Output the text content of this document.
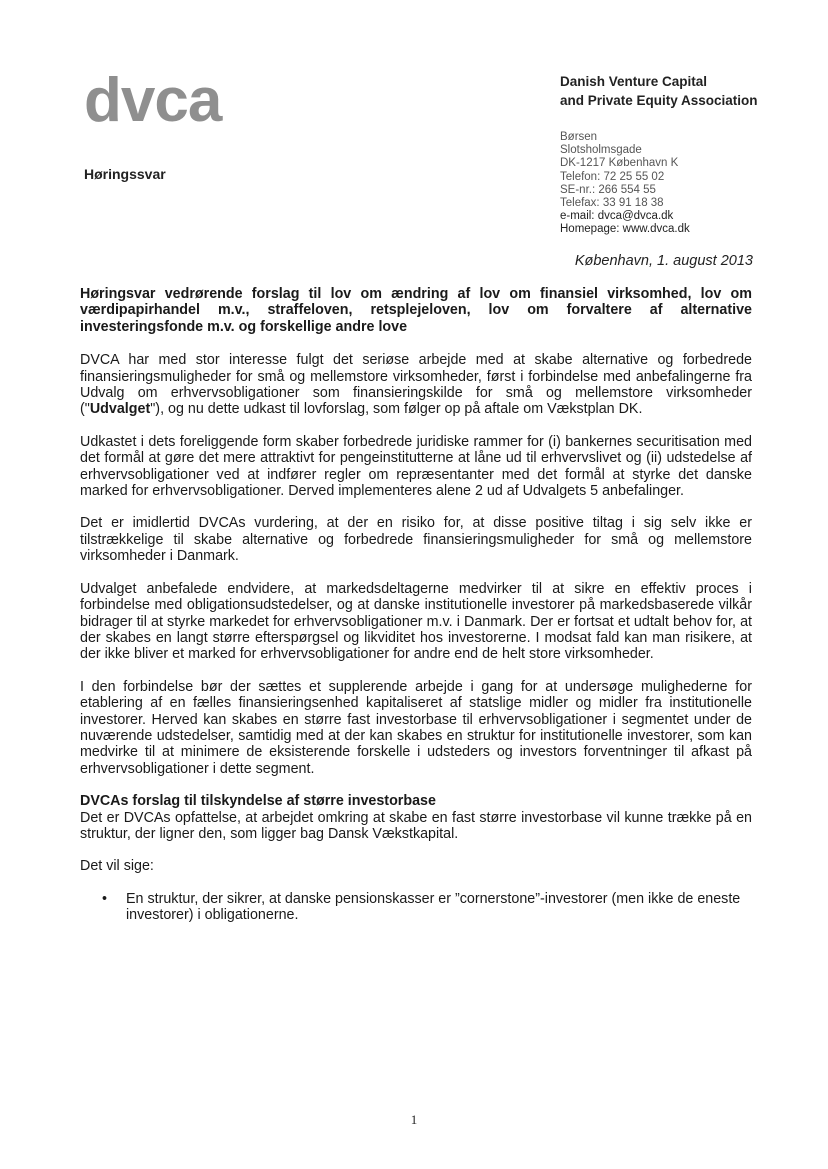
dvca	Danish Venture Capital
and Private Equity Association
Børsen
Slotsholmsgade
DK-1217 København K
Telefon: 72 25 55 02
SE-nr.: 266 554 55
Telefax: 33 91 18 38
e-mail: dvca@dvca.dk
Homepage: www.dvca.dk
Høringssvar
København, 1. august 2013

Høringsvar vedrørende forslag til lov om ændring af lov om finansiel virksomhed, lov om værdipapirhandel m.v., straffeloven, retsplejeloven, lov om forvaltere af alternative investeringsfonde m.v. og forskellige andre love

DVCA har med stor interesse fulgt det seriøse arbejde med at skabe alternative og forbedrede finansieringsmuligheder for små og mellemstore virksomheder, først i forbindelse med anbefalingerne fra Udvalg om erhvervsobligationer som finansieringskilde for små og mellemstore virksomheder ("Udvalget"), og nu dette udkast til lovforslag, som følger op på aftale om Vækstplan DK.

Udkastet i dets foreliggende form skaber forbedrede juridiske rammer for (i) bankernes securitisation med det formål at gøre det mere attraktivt for pengeinstitutterne at låne ud til erhvervslivet og (ii) udstedelse af erhvervsobligationer ved at indfører regler om repræsentanter med det formål at styrke det danske marked for erhvervsobligationer. Derved implementeres alene 2 ud af Udvalgets 5 anbefalinger.

Det er imidlertid DVCAs vurdering, at der en risiko for, at disse positive tiltag i sig selv ikke er tilstrækkelige til skabe alternative og forbedrede finansieringsmuligheder for små og mellemstore virksomheder i Danmark.

Udvalget anbefalede endvidere, at markedsdeltagerne medvirker til at sikre en effektiv proces i forbindelse med obligationsudstedelser, og at danske institutionelle investorer på markedsbaserede vilkår bidrager til at styrke markedet for erhvervsobligationer m.v. i Danmark. Der er fortsat et udtalt behov for, at der skabes en langt større efterspørgsel og likviditet hos investorerne. I modsat fald kan man risikere, at der ikke bliver et marked for erhvervsobligationer for andre end de helt store virksomheder.

I den forbindelse bør der sættes et supplerende arbejde i gang for at undersøge mulighederne for etablering af en fælles finansieringsenhed kapitaliseret af statslige midler og midler fra institutionelle investorer. Herved kan skabes en større fast investorbase til erhvervsobligationer i segmentet under de nuværende udstedelser, samtidig med at der kan skabes en struktur for institutionelle investorer, som kan medvirke til at minimere de eksisterende forskelle i udsteders og investors forventninger til afkast på erhvervsobligationer i dette segment.

DVCAs forslag til tilskyndelse af større investorbase

Det er DVCAs opfattelse, at arbejdet omkring at skabe en fast større investorbase vil kunne trække på en struktur, der ligner den, som ligger bag Dansk Vækstkapital.

Det vil sige:

• En struktur, der sikrer, at danske pensionskasser er ”cornerstone”-investorer (men ikke de eneste investorer) i obligationerne.
1
